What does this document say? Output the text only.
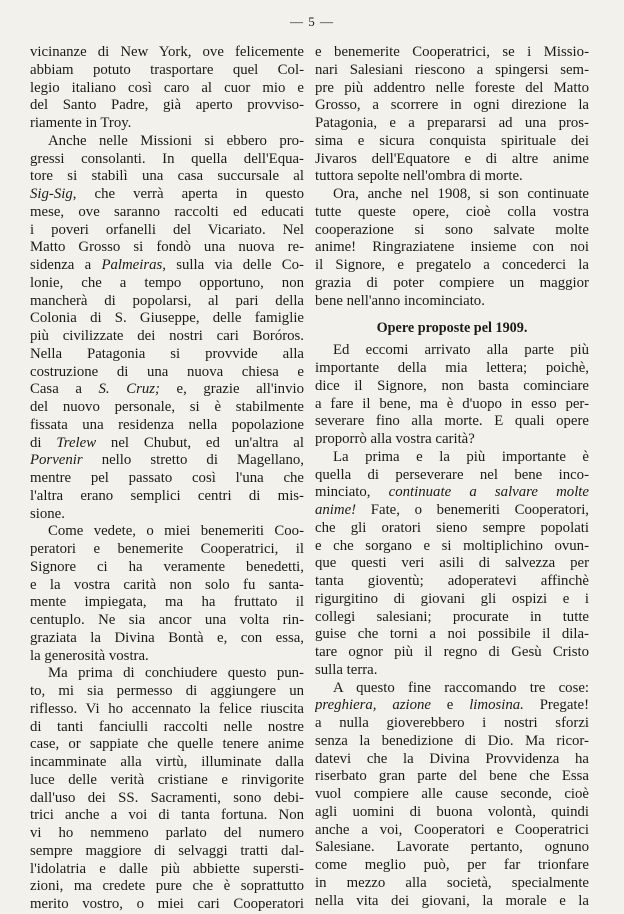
— 5 —
vicinanze di New York, ove felicemente
abbiam potuto trasportare quel Col-
legio italiano così caro al cuor mio e
del Santo Padre, già aperto provviso-
riamente in Troy.
Anche nelle Missioni si ebbero pro-
gressi consolanti. In quella dell'Equa-
tore si stabilì una casa succursale al
Sig-Sig, che verrà aperta in questo
mese, ove saranno raccolti ed educati
i poveri orfanelli del Vicariato. Nel
Matto Grosso si fondò una nuova re-
sidenza a Palmeiras, sulla via delle Co-
lonie, che a tempo opportuno, non
mancherà di popolarsi, al pari della
Colonia di S. Giuseppe, delle famiglie
più civilizzate dei nostri cari Boróros.
Nella Patagonia si provvide alla
costruzione di una nuova chiesa e
Casa a S. Cruz; e, grazie all'invio
del nuovo personale, si è stabilmente
fissata una residenza nella popolazione
di Trelew nel Chubut, ed un'altra al
Porvenir nello stretto di Magellano,
mentre pel passato così l'una che
l'altra erano semplici centri di mis-
sione.
Come vedete, o miei benemeriti Coo-
peratori e benemerite Cooperatrici, il
Signore ci ha veramente benedetti,
e la vostra carità non solo fu santa-
mente impiegata, ma ha fruttato il
centuplo. Ne sia ancor una volta rin-
graziata la Divina Bontà e, con essa,
la generosità vostra.
Ma prima di conchiudere questo pun-
to, mi sia permesso di aggiungere un
riflesso. Vi ho accennato la felice riuscita
di tanti fanciulli raccolti nelle nostre
case, or sappiate che quelle tenere anime
incamminate alla virtù, illuminate dalla
luce delle verità cristiane e rinvigorite
dall'uso dei SS. Sacramenti, sono debi-
trici anche a voi di tanta fortuna. Non
vi ho nemmeno parlato del numero
sempre maggiore di selvaggi tratti dal-
l'idolatria e dalle più abbiette supersti-
zioni, ma credete pure che è soprattutto
merito vostro, o miei cari Cooperatori
e benemerite Cooperatrici, se i Missio-
nari Salesiani riescono a spingersi sem-
pre più addentro nelle foreste del Matto
Grosso, a scorrere in ogni direzione la
Patagonia, e a prepararsi ad una pros-
sima e sicura conquista spirituale dei
Jivaros dell'Equatore e di altre anime
tuttora sepolte nell'ombra di morte.
Ora, anche nel 1908, si son continuate
tutte queste opere, cioè colla vostra
cooperazione si sono salvate molte
anime! Ringraziatene insieme con noi
il Signore, e pregatelo a concederci la
grazia di poter compiere un maggior
bene nell'anno incominciato.
Opere proposte pel 1909.
Ed eccomi arrivato alla parte più
importante della mia lettera; poichè,
dice il Signore, non basta cominciare
a fare il bene, ma è d'uopo in esso per-
severare fino alla morte. E quali opere
proporrò alla vostra carità?
La prima e la più importante è
quella di perseverare nel bene inco-
minciato, continuate a salvare molte
anime! Fate, o benemeriti Cooperatori,
che gli oratori sieno sempre popolati
e che sorgano e si moltiplichino ovun-
que questi veri asili di salvezza per
tanta gioventù; adoperatevi affinchè
rigurgitino di giovani gli ospizi e i
collegi salesiani; procurate in tutte
guise che torni a noi possibile il dila-
tare ognor più il regno di Gesù Cristo
sulla terra.
A questo fine raccomando tre cose:
preghiera, azione e limosina. Pregate!
a nulla gioverebbero i nostri sforzi
senza la benedizione di Dio. Ma ricor-
datevi che la Divina Provvidenza ha
riserbato gran parte del bene che Essa
vuol compiere alle cause seconde, cioè
agli uomini di buona volontà, quindi
anche a voi, Cooperatori e Cooperatrici
Salesiane. Lavorate pertanto, ognuno
come meglio può, per far trionfare
in mezzo alla società, specialmente
nella vita dei giovani, la morale e la
